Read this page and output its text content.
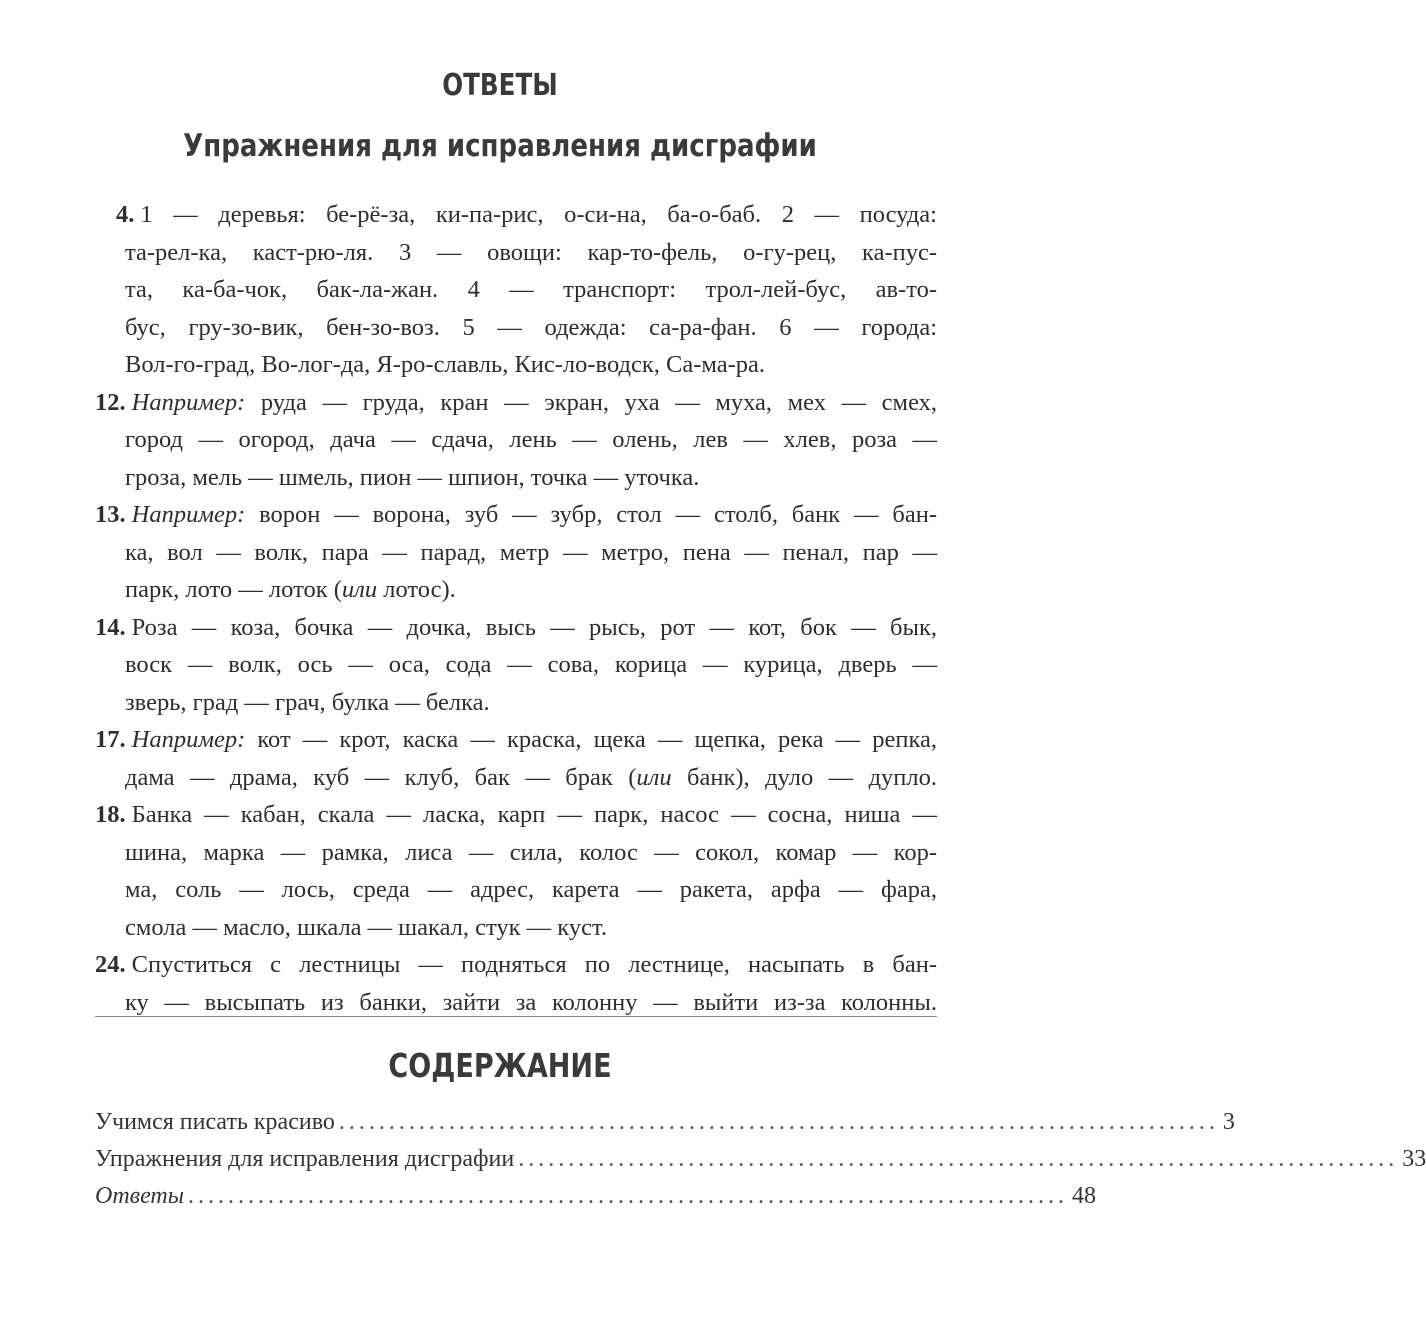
ОТВЕТЫ
Упражнения для исправления дисграфии
4. 1 — деревья: бе-рё-за, ки-па-рис, о-си-на, ба-о-баб. 2 — посуда:
та-рел-ка, каст-рю-ля. 3 — овощи: кар-то-фель, о-гу-рец, ка-пус-
та, ка-ба-чок, бак-ла-жан. 4 — транспорт: трол-лей-бус, ав-то-
бус, гру-зо-вик, бен-зо-воз. 5 — одежда: са-ра-фан. 6 — города:
Вол-го-град, Во-лог-да, Я-ро-славль, Кис-ло-водск, Са-ма-ра.
12. Например: руда — груда, кран — экран, уха — муха, мех — смех,
город — огород, дача — сдача, лень — олень, лев — хлев, роза —
гроза, мель — шмель, пион — шпион, точка — уточка.
13. Например: ворон — ворона, зуб — зубр, стол — столб, банк — бан-
ка, вол — волк, пара — парад, метр — метро, пена — пенал, пар —
парк, лото — лоток (или лотос).
14. Роза — коза, бочка — дочка, высь — рысь, рот — кот, бок — бык,
воск — волк, ось — оса, сода — сова, корица — курица, дверь —
зверь, град — грач, булка — белка.
17. Например: кот — крот, каска — краска, щека — щепка, река — репка,
дама — драма, куб — клуб, бак — брак (или банк), дуло — дупло.
18. Банка — кабан, скала — ласка, карп — парк, насос — сосна, ниша —
шина, марка — рамка, лиса — сила, колос — сокол, комар — кор-
ма, соль — лось, среда — адрес, карета — ракета, арфа — фара,
смола — масло, шкала — шакал, стук — куст.
24. Спуститься с лестницы — подняться по лестнице, насыпать в бан-
ку — высыпать из банки, зайти за колонну — выйти из-за колонны.
СОДЕРЖАНИЕ
Учимся писать красиво ........................................................................................ 3
Упражнения для исправления дисграфии ........................................................................................ 33
Ответы ........................................................................................ 48
